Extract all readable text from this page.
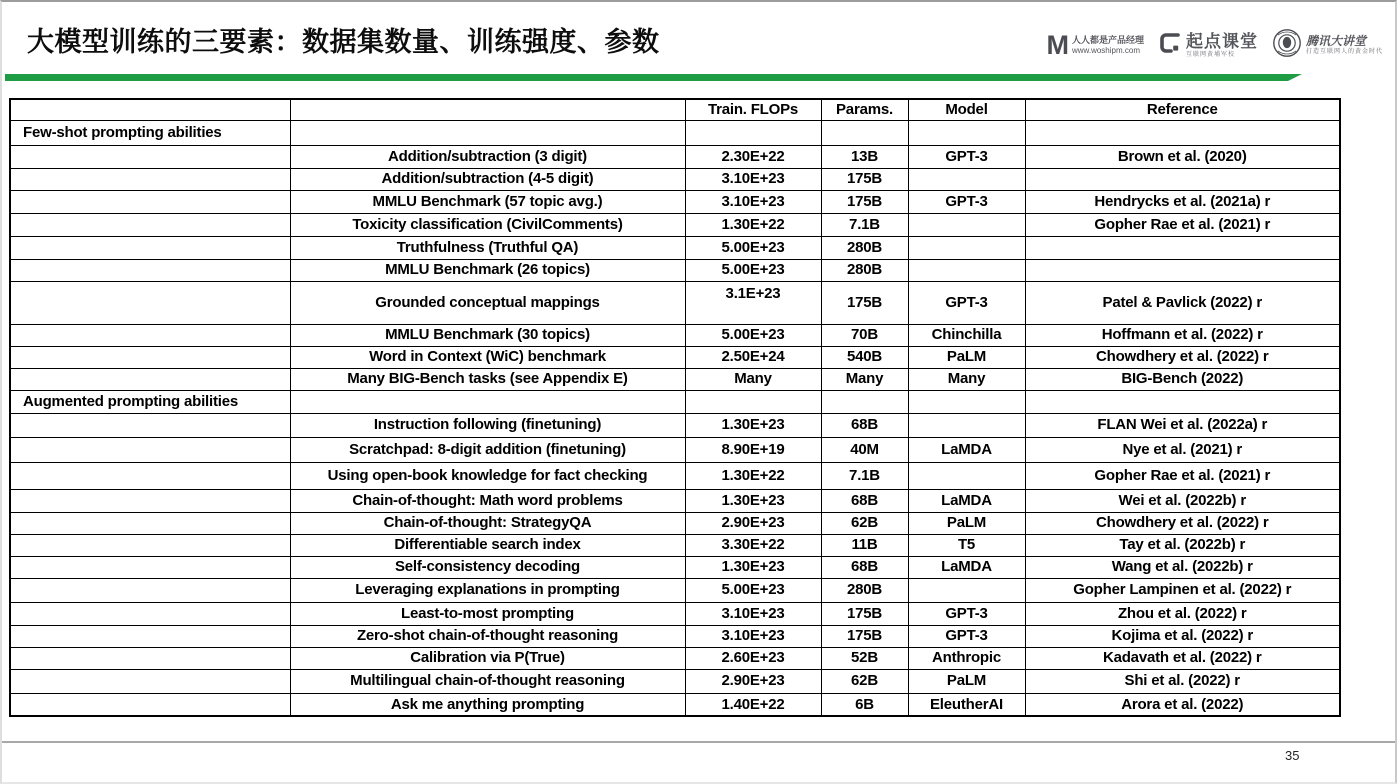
大模型训练的三要素：数据集数量、训练强度、参数	M 人人都是产品经理
www.woshipm.com	起点课堂
互联网黄埔军校
腾讯大讲堂
打造互联网人的黄金时代
		Train. FLOPs	Params.	Model	Reference
Few-shot prompting abilities					
	Addition/subtraction (3 digit)	2.30E+22	13B	GPT-3	Brown et al. (2020)
	Addition/subtraction (4-5 digit)	3.10E+23	175B		
	MMLU Benchmark (57 topic avg.)	3.10E+23	175B	GPT-3	Hendrycks et al. (2021a) r
	Toxicity classification (CivilComments)	1.30E+22	7.1B		Gopher Rae et al. (2021) r
	Truthfulness (Truthful QA)	5.00E+23	280B		
	MMLU Benchmark (26 topics)	5.00E+23	280B		
	Grounded conceptual mappings	3.1E+23	175B	GPT-3	Patel & Pavlick (2022) r
	MMLU Benchmark (30 topics)	5.00E+23	70B	Chinchilla	Hoffmann et al. (2022) r
	Word in Context (WiC) benchmark	2.50E+24	540B	PaLM	Chowdhery et al. (2022) r
	Many BIG-Bench tasks (see Appendix E)	Many	Many	Many	BIG-Bench (2022)
Augmented prompting abilities					
	Instruction following (finetuning)	1.30E+23	68B		FLAN Wei et al. (2022a) r
	Scratchpad: 8-digit addition (finetuning)	8.90E+19	40M	LaMDA	Nye et al. (2021) r
	Using open-book knowledge for fact checking	1.30E+22	7.1B		Gopher Rae et al. (2021) r
	Chain-of-thought: Math word problems	1.30E+23	68B	LaMDA	Wei et al. (2022b) r
	Chain-of-thought: StrategyQA	2.90E+23	62B	PaLM	Chowdhery et al. (2022) r
	Differentiable search index	3.30E+22	11B	T5	Tay et al. (2022b) r
	Self-consistency decoding	1.30E+23	68B	LaMDA	Wang et al. (2022b) r
	Leveraging explanations in prompting	5.00E+23	280B		Gopher Lampinen et al. (2022) r
	Least-to-most prompting	3.10E+23	175B	GPT-3	Zhou et al. (2022) r
	Zero-shot chain-of-thought reasoning	3.10E+23	175B	GPT-3	Kojima et al. (2022) r
	Calibration via P(True)	2.60E+23	52B	Anthropic	Kadavath et al. (2022) r
	Multilingual chain-of-thought reasoning	2.90E+23	62B	PaLM	Shi et al. (2022) r
	Ask me anything prompting	1.40E+22	6B	EleutherAI	Arora et al. (2022)
35
